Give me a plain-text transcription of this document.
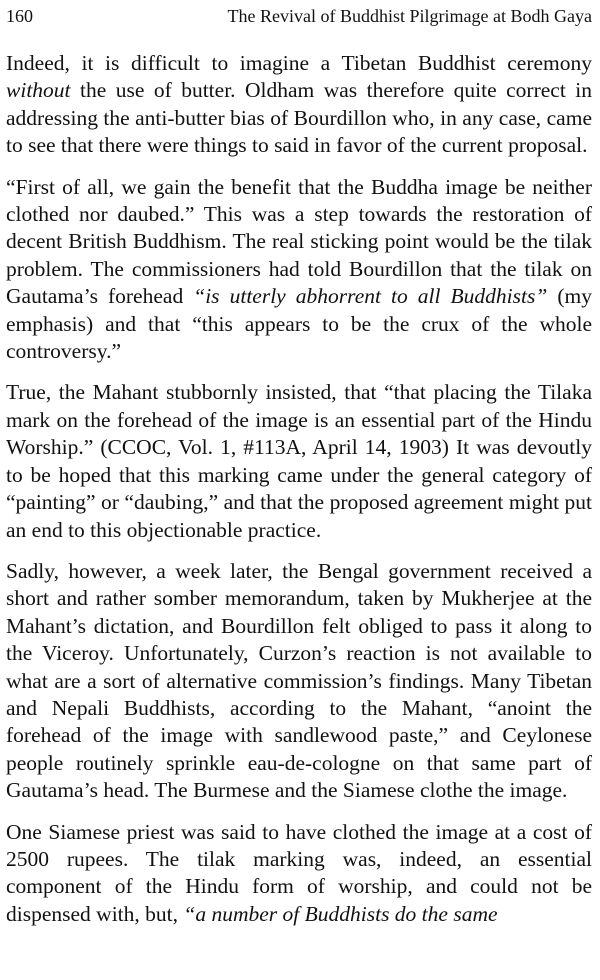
160	The Revival of Buddhist Pilgrimage at Bodh Gaya

Indeed, it is difficult to imagine a Tibetan Buddhist ceremony without the use of butter. Oldham was therefore quite correct in addressing the anti-butter bias of Bourdillon who, in any case, came to see that there were things to said in favor of the current proposal.

“First of all, we gain the benefit that the Buddha image be neither clothed nor daubed.” This was a step towards the restoration of decent British Buddhism. The real sticking point would be the tilak problem. The commissioners had told Bourdillon that the tilak on Gautama’s forehead “is utterly abhorrent to all Buddhists” (my emphasis) and that “this appears to be the crux of the whole controversy.”

True, the Mahant stubbornly insisted, that “that placing the Tilaka mark on the forehead of the image is an essential part of the Hindu Worship.” (CCOC, Vol. 1, #113A, April 14, 1903) It was devoutly to be hoped that this marking came under the general category of “painting” or “daubing,” and that the proposed agreement might put an end to this objectionable practice.

Sadly, however, a week later, the Bengal government received a short and rather somber memorandum, taken by Mukherjee at the Mahant’s dictation, and Bourdillon felt obliged to pass it along to the Viceroy. Unfortunately, Curzon’s reaction is not available to what are a sort of alternative commission’s findings. Many Tibetan and Nepali Buddhists, according to the Mahant, “anoint the forehead of the image with sandlewood paste,” and Ceylonese people routinely sprinkle eau-de-cologne on that same part of Gautama’s head. The Burmese and the Siamese clothe the image.

One Siamese priest was said to have clothed the image at a cost of 2500 rupees. The tilak marking was, indeed, an essential component of the Hindu form of worship, and could not be dispensed with, but, “a number of Buddhists do the same
